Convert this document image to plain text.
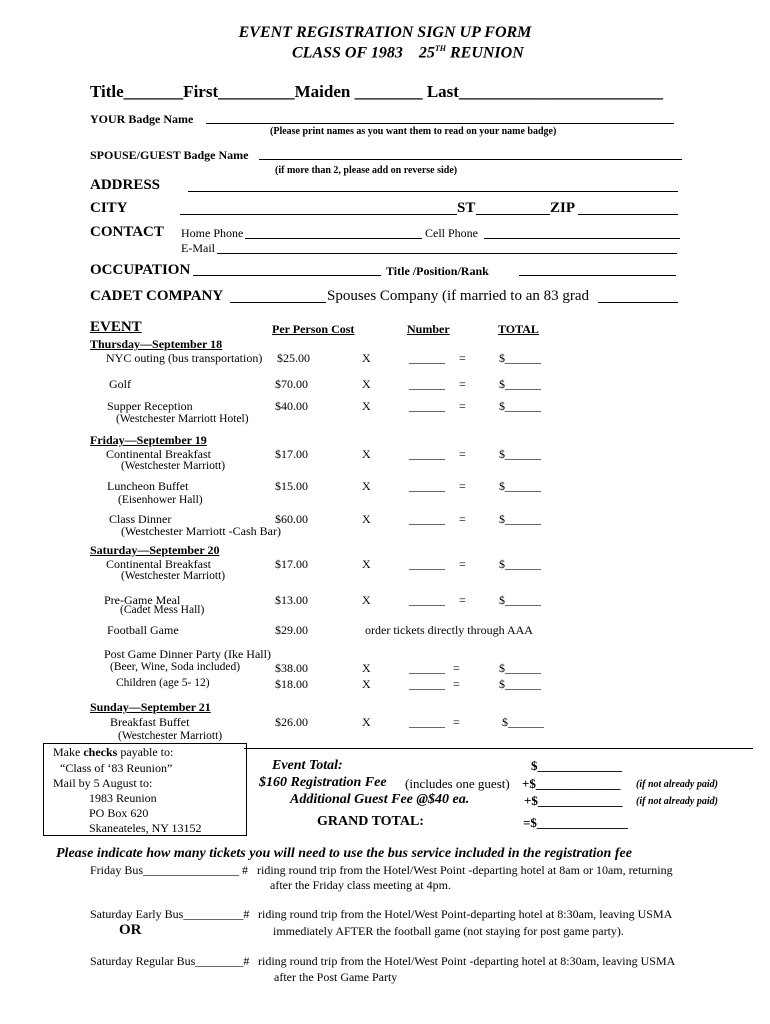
EVENT REGISTRATION SIGN UP FORM
CLASS OF 1983    25TH REUNION
Title_______First_________Maiden ________ Last________________________
YOUR Badge Name
(Please print names as you want them to read on your name badge)
SPOUSE/GUEST Badge Name
(if more than 2, please add on reverse side)
ADDRESS
CITY	ST	ZIP
CONTACT Home Phone	Cell Phone
E-Mail
OCCUPATION	Title /Position/Rank
CADET COMPANY	Spouses Company (if married to an 83 grad
EVENT	Per Person Cost	Number	TOTAL
Thursday—September 18
NYC outing (bus transportation) $25.00	X	______ =	$______
Golf	$70.00	X	______ =	$______
Supper Reception	$40.00	X	______ =	$______
(Westchester Marriott Hotel)
Friday—September 19
Continental Breakfast	$17.00	X	______ =	$______
(Westchester Marriott)
Luncheon Buffet	$15.00	X	______ =	$______
(Eisenhower Hall)
Class Dinner	$60.00	X	______ =	$______
(Westchester Marriott -Cash Bar)
Saturday—September 20
Continental Breakfast	$17.00	X	______ =	$______
(Westchester Marriott)
Pre-Game Meal	$13.00	X	______ =	$______
(Cadet Mess Hall)
Football Game	$29.00	order tickets directly through AAA
Post Game Dinner Party (Ike Hall)
(Beer, Wine, Soda included)	$38.00	X	______ =	$______
Children (age 5- 12)	$18.00	X	______ =	$______
Sunday—September 21
Breakfast Buffet	$26.00	X	______ =	$______
(Westchester Marriott)
Make checks payable to:
“Class of ‘83 Reunion”
Mail by 5 August to:
1983 Reunion
PO Box 620
Skaneateles, NY 13152
Event Total:	$_____________
$160 Registration Fee (includes one guest) +$_____________ (if not already paid)
Additional Guest Fee @$40 ea.	+$_____________ (if not already paid)
GRAND TOTAL:	=$______________
Please indicate how many tickets you will need to use the bus service included in the registration fee
Friday Bus________________ # riding round trip from the Hotel/West Point -departing hotel at 8am or 10am, returning
after the Friday class meeting at 4pm.
Saturday Early Bus__________# riding round trip from the Hotel/West Point-departing hotel at 8:30am, leaving USMA
OR	immediately AFTER the football game (not staying for post game party).
Saturday Regular Bus________# riding round trip from the Hotel/West Point -departing hotel at 8:30am, leaving USMA
after the Post Game Party
